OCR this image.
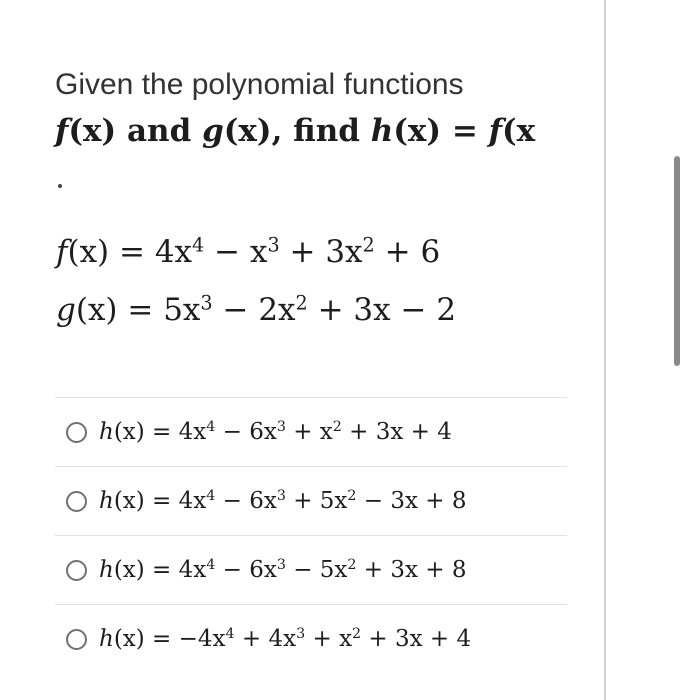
Given the polynomial functions
f(x) and g(x), find h(x) = f(x
$f(x) = 4x^4 - x^3 + 3x^2 + 6$
$g(x) = 5x^3 - 2x^2 + 3x - 2$
$h(x) = 4x^4 - 6x^3 + x^2 + 3x + 4$
$h(x) = 4x^4 - 6x^3 + 5x^2 - 3x + 8$
$h(x) = 4x^4 - 6x^3 - 5x^2 + 3x + 8$
$h(x) = -4x^4 + 4x^3 + x^2 + 3x + 4$
